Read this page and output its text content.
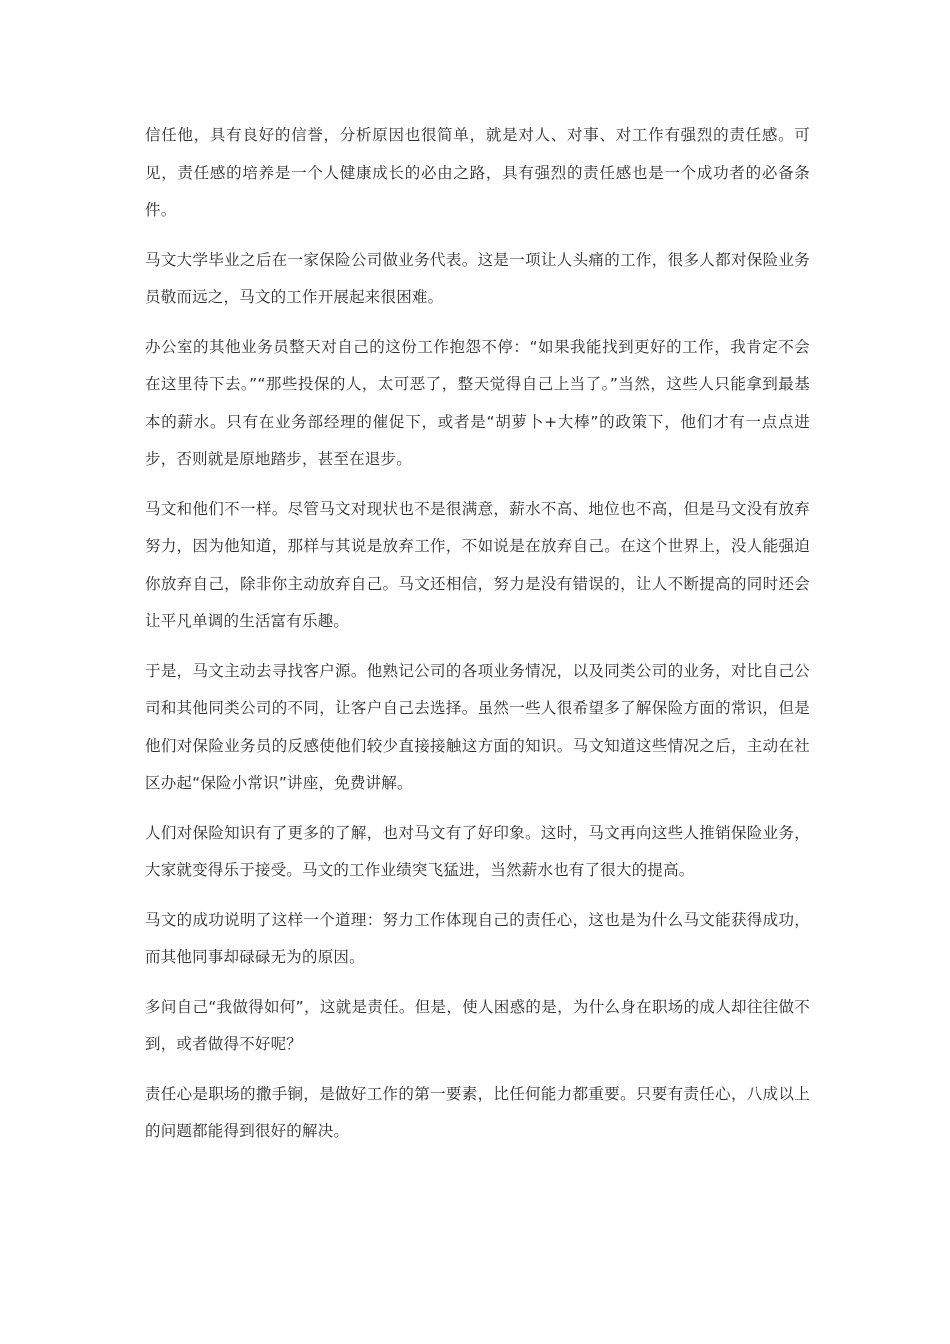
信任他，具有良好的信誉，分析原因也很简单，就是对人、对事、对工作有强烈的责任感。可见，责任感的培养是一个人健康成长的必由之路，具有强烈的责任感也是一个成功者的必备条件。

马文大学毕业之后在一家保险公司做业务代表。这是一项让人头痛的工作，很多人都对保险业务员敬而远之，马文的工作开展起来很困难。

办公室的其他业务员整天对自己的这份工作抱怨不停：“如果我能找到更好的工作，我肯定不会在这里待下去。”“那些投保的人，太可恶了，整天觉得自己上当了。”当然，这些人只能拿到最基本的薪水。只有在业务部经理的催促下，或者是“胡萝卜+大棒”的政策下，他们才有一点点进步，否则就是原地踏步，甚至在退步。

马文和他们不一样。尽管马文对现状也不是很满意，薪水不高、地位也不高，但是马文没有放弃努力，因为他知道，那样与其说是放弃工作，不如说是在放弃自己。在这个世界上，没人能强迫你放弃自己，除非你主动放弃自己。马文还相信，努力是没有错误的，让人不断提高的同时还会让平凡单调的生活富有乐趣。

于是，马文主动去寻找客户源。他熟记公司的各项业务情况，以及同类公司的业务，对比自己公司和其他同类公司的不同，让客户自己去选择。虽然一些人很希望多了解保险方面的常识，但是他们对保险业务员的反感使他们较少直接接触这方面的知识。马文知道这些情况之后，主动在社区办起“保险小常识”讲座，免费讲解。

人们对保险知识有了更多的了解，也对马文有了好印象。这时，马文再向这些人推销保险业务，大家就变得乐于接受。马文的工作业绩突飞猛进，当然薪水也有了很大的提高。

马文的成功说明了这样一个道理：努力工作体现自己的责任心，这也是为什么马文能获得成功，而其他同事却碌碌无为的原因。

多问自己“我做得如何”，这就是责任。但是，使人困惑的是，为什么身在职场的成人却往往做不到，或者做得不好呢？

责任心是职场的撒手锏，是做好工作的第一要素，比任何能力都重要。只要有责任心，八成以上的问题都能得到很好的解决。
